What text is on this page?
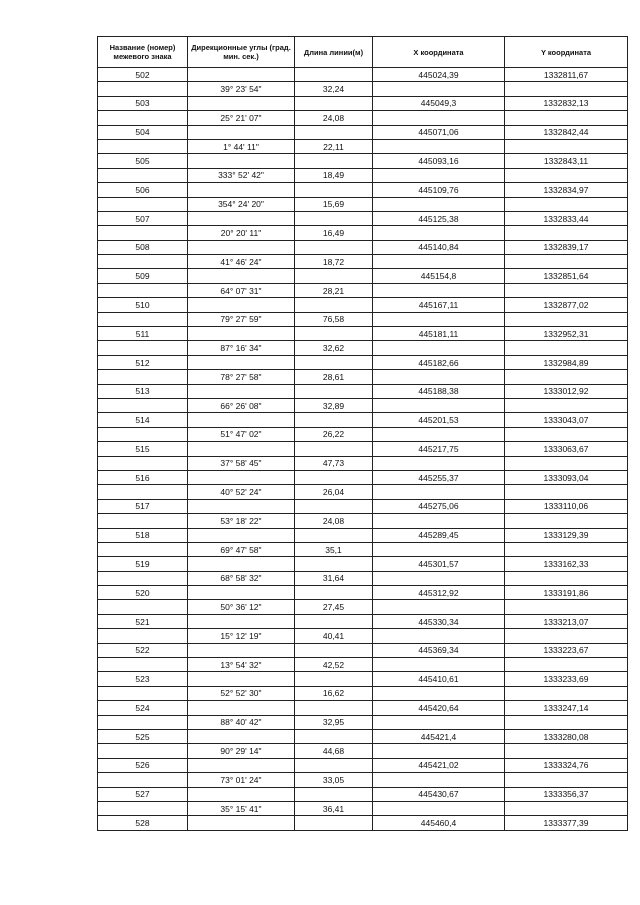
Название (номер) межевого знака	Дирекционные углы (град. мин. сек.)	Длина линии(м)	X координата	Y координата
502			445024,39	1332811,67
	39° 23' 54"	32,24		
503			445049,3	1332832,13
	25° 21' 07"	24,08		
504			445071,06	1332842,44
	1° 44' 11"	22,11		
505			445093,16	1332843,11
	333° 52' 42"	18,49		
506			445109,76	1332834,97
	354° 24' 20"	15,69		
507			445125,38	1332833,44
	20° 20' 11"	16,49		
508			445140,84	1332839,17
	41° 46' 24"	18,72		
509			445154,8	1332851,64
	64° 07' 31"	28,21		
510			445167,11	1332877,02
	79° 27' 59"	76,58		
511			445181,11	1332952,31
	87° 16' 34"	32,62		
512			445182,66	1332984,89
	78° 27' 58"	28,61		
513			445188,38	1333012,92
	66° 26' 08"	32,89		
514			445201,53	1333043,07
	51° 47' 02"	26,22		
515			445217,75	1333063,67
	37° 58' 45"	47,73		
516			445255,37	1333093,04
	40° 52' 24"	26,04		
517			445275,06	1333110,06
	53° 18' 22"	24,08		
518			445289,45	1333129,39
	69° 47' 58"	35,1		
519			445301,57	1333162,33
	68° 58' 32"	31,64		
520			445312,92	1333191,86
	50° 36' 12"	27,45		
521			445330,34	1333213,07
	15° 12' 19"	40,41		
522			445369,34	1333223,67
	13° 54' 32"	42,52		
523			445410,61	1333233,69
	52° 52' 30"	16,62		
524			445420,64	1333247,14
	88° 40' 42"	32,95		
525			445421,4	1333280,08
	90° 29' 14"	44,68		
526			445421,02	1333324,76
	73° 01' 24"	33,05		
527			445430,67	1333356,37
	35° 15' 41"	36,41		
528			445460,4	1333377,39
